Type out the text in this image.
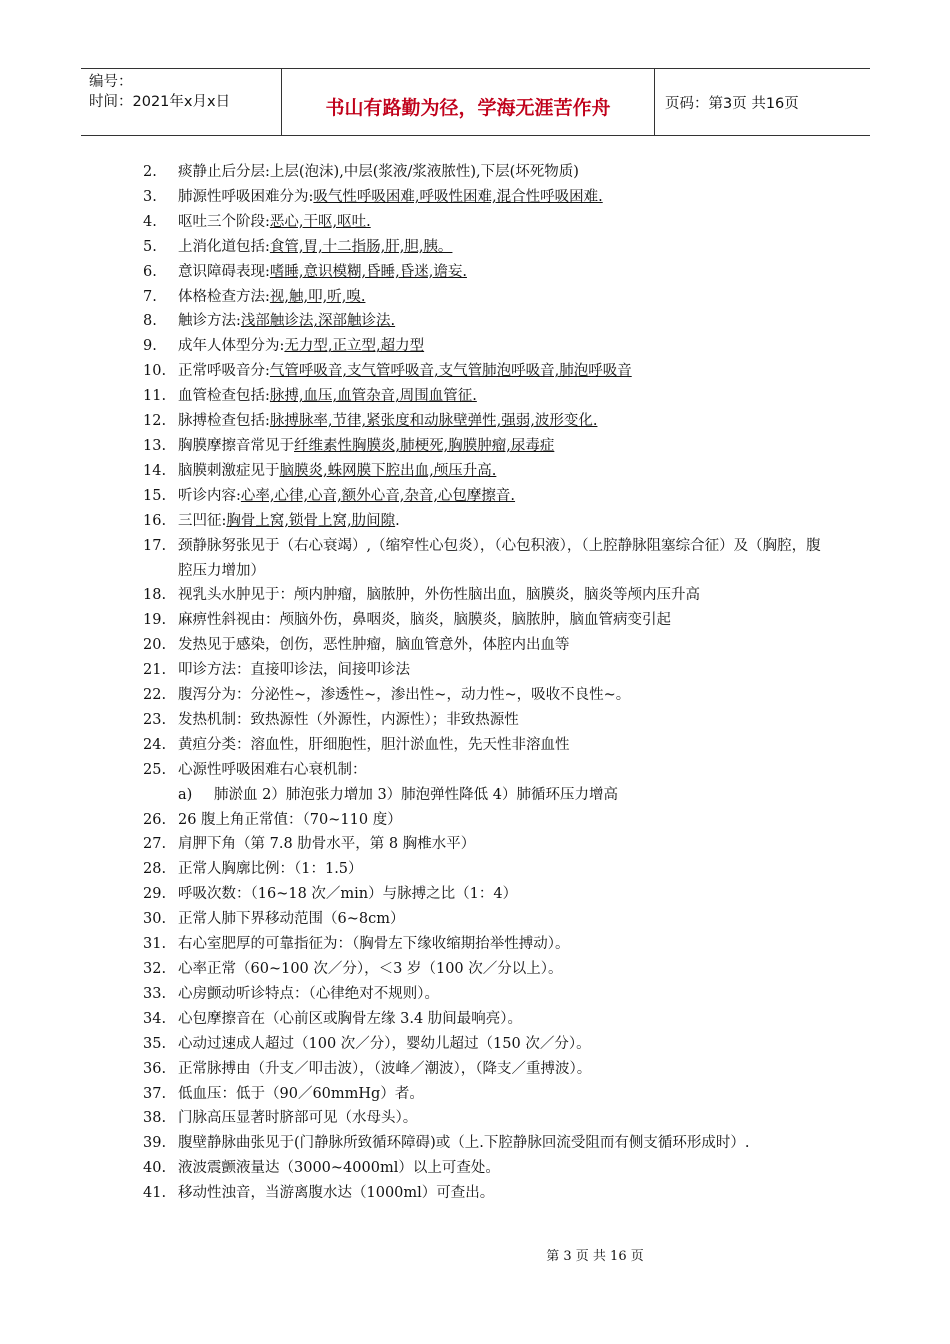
编号：
时间：2021年x月x日	书山有路勤为径，学海无涯苦作舟	页码：第3页 共16页
2.	痰静止后分层:上层(泡沫),中层(浆液/浆液脓性),下层(坏死物质)
3.	肺源性呼吸困难分为:吸气性呼吸困难,呼吸性困难,混合性呼吸困难.
4.	呕吐三个阶段:恶心,干呕,呕吐.
5.	上消化道包括:食管,胃,十二指肠,肝,胆,胰。
6.	意识障碍表现:嗜睡,意识模糊,昏睡,昏迷,谵妄.
7.	体格检查方法:视,触,叩,听,嗅.
8.	触诊方法:浅部触诊法,深部触诊法.
9.	成年人体型分为:无力型,正立型,超力型
10. 正常呼吸音分:气管呼吸音,支气管呼吸音,支气管肺泡呼吸音,肺泡呼吸音
11. 血管检查包括:脉搏,血压,血管杂音,周围血管征.
12. 脉搏检查包括:脉搏脉率,节律,紧张度和动脉壁弹性,强弱,波形变化.
13. 胸膜摩擦音常见于纤维素性胸膜炎,肺梗死,胸膜肿瘤,尿毒症
14. 脑膜刺激症见于脑膜炎,蛛网膜下腔出血,颅压升高.
15. 听诊内容:心率,心律,心音,额外心音,杂音,心包摩擦音.
16. 三凹征:胸骨上窝,锁骨上窝,肋间隙.
17. 颈静脉努张见于（右心衰竭）,（缩窄性心包炎），（心包积液），（上腔静脉阻塞综合征）及（胸腔，腹腔压力增加）
18. 视乳头水肿见于：颅内肿瘤，脑脓肿，外伤性脑出血，脑膜炎，脑炎等颅内压升高
19. 麻痹性斜视由：颅脑外伤，鼻咽炎，脑炎，脑膜炎，脑脓肿，脑血管病变引起
20. 发热见于感染，创伤，恶性肿瘤，脑血管意外，体腔内出血等
21. 叩诊方法：直接叩诊法，间接叩诊法
22. 腹泻分为：分泌性~，渗透性~，渗出性~，动力性~，吸收不良性~。
23. 发热机制：致热源性（外源性，内源性）；非致热源性
24. 黄疸分类：溶血性，肝细胞性，胆汁淤血性，先天性非溶血性
25. 心源性呼吸困难右心衰机制：
a)	肺淤血 2）肺泡张力增加 3）肺泡弹性降低 4）肺循环压力增高
26. 26 腹上角正常值：（70~110 度）
27. 肩胛下角（第 7.8 肋骨水平，第 8 胸椎水平）
28. 正常人胸廓比例：（1：1.5）
29. 呼吸次数：（16~18 次／min）与脉搏之比（1：4）
30. 正常人肺下界移动范围（6~8cm）
31. 右心室肥厚的可靠指征为：（胸骨左下缘收缩期抬举性搏动）。
32. 心率正常（60~100 次／分），＜3 岁（100 次／分以上）。
33. 心房颤动听诊特点：（心律绝对不规则）。
34. 心包摩擦音在（心前区或胸骨左缘 3.4 肋间最响亮）。
35. 心动过速成人超过（100 次／分），婴幼儿超过（150 次／分）。
36. 正常脉搏由（升支／叩击波），（波峰／潮波），（降支／重搏波）。
37. 低血压：低于（90／60mmHg）者。
38. 门脉高压显著时脐部可见（水母头）。
39. 腹壁静脉曲张见于(门静脉所致循环障碍)或（上.下腔静脉回流受阻而有侧支循环形成时）.
40. 液波震颤液量达（3000~4000ml）以上可查处。
41. 移动性浊音，当游离腹水达（1000ml）可查出。
第 3 页 共 16 页
